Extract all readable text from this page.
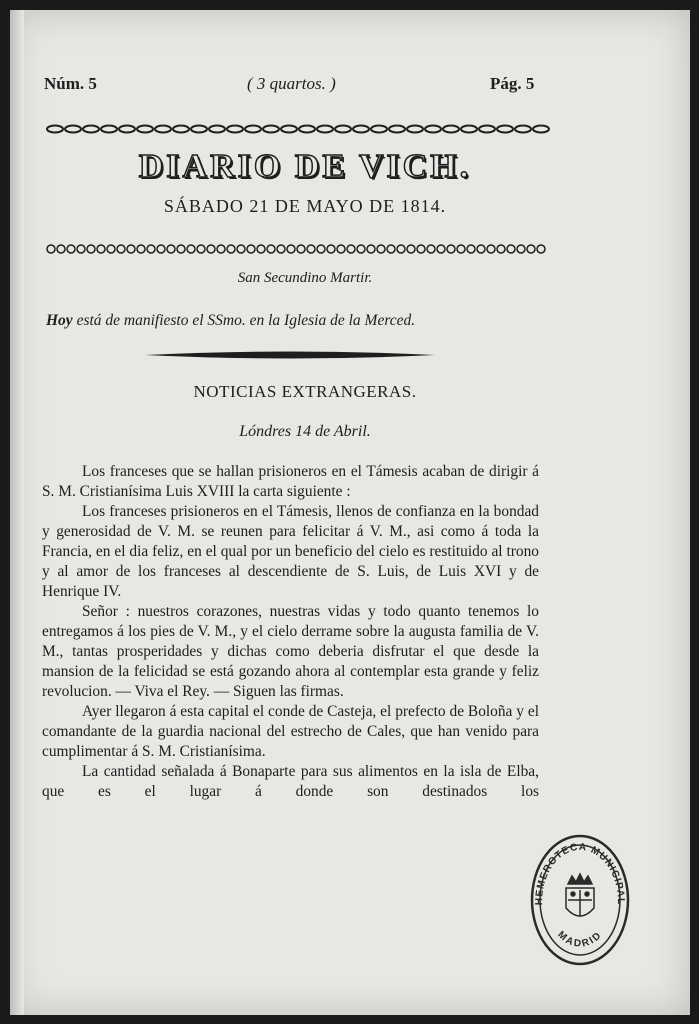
Núm. 5	( 3 quartos. )	Pág. 5
DIARIO DE VICH.
SÁBADO 21 DE MAYO DE 1814.
San Secundino Martir.
Hoy está de manifiesto el SSmo. en la Iglesia de la Merced.
NOTICIAS EXTRANGERAS.
Lóndres 14 de Abril.

Los franceses que se hallan prisioneros en el Támesis acaban de dirigir á S. M. Cristianísima Luis XVIII la carta siguiente :

Los franceses prisioneros en el Támesis, llenos de confianza en la bondad y generosidad de V. M. se reunen para felicitar á V. M., asi como á toda la Francia, en el dia feliz, en el qual por un beneficio del cielo es restituido al trono y al amor de los franceses al descendiente de S. Luis, de Luis XVI y de Henrique IV.

Señor : nuestros corazones, nuestras vidas y todo quanto tenemos lo entregamos á los pies de V. M., y el cielo derrame sobre la augusta familia de V. M., tantas prosperidades y dichas como deberia disfrutar el que desde la mansion de la felicidad se está gozando ahora al contemplar esta grande y feliz revolucion. — Viva el Rey. — Siguen las firmas.

Ayer llegaron á esta capital el conde de Casteja, el prefecto de Boloña y el comandante de la guardia nacional del estrecho de Cales, que han venido para cumplimentar á S. M. Cristianísima.

La cantidad señalada á Bonaparte para sus alimentos en la isla de Elba, que es el lugar á donde son destinados los

HEMEROTECA MUNICIPAL
MADRID
